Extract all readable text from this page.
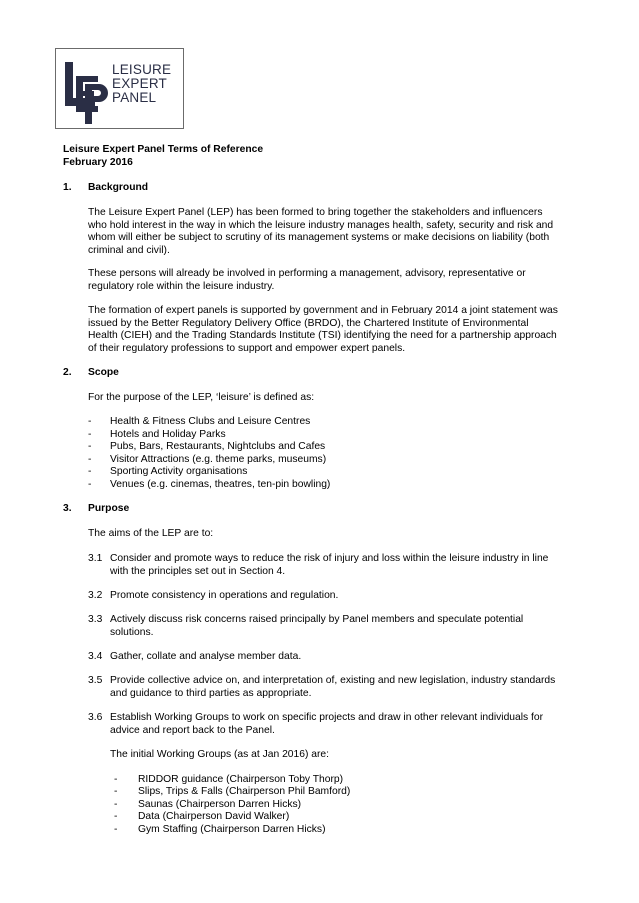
LEISURE
EXPERT
PANEL
Leisure Expert Panel Terms of Reference
February 2016
1. Background
The Leisure Expert Panel (LEP) has been formed to bring together the stakeholders and influencers
who hold interest in the way in which the leisure industry manages health, safety, security and risk and
whom will either be subject to scrutiny of its management systems or make decisions on liability (both
criminal and civil).
These persons will already be involved in performing a management, advisory, representative or
regulatory role within the leisure industry.
The formation of expert panels is supported by government and in February 2014 a joint statement was
issued by the Better Regulatory Delivery Office (BRDO), the Chartered Institute of Environmental
Health (CIEH) and the Trading Standards Institute (TSI) identifying the need for a partnership approach
of their regulatory professions to support and empower expert panels.
2. Scope
For the purpose of the LEP, ‘leisure’ is defined as:
- Health & Fitness Clubs and Leisure Centres
- Hotels and Holiday Parks
- Pubs, Bars, Restaurants, Nightclubs and Cafes
- Visitor Attractions (e.g. theme parks, museums)
- Sporting Activity organisations
- Venues (e.g. cinemas, theatres, ten-pin bowling)
3. Purpose
The aims of the LEP are to:
3.1 Consider and promote ways to reduce the risk of injury and loss within the leisure industry in line
with the principles set out in Section 4.
3.2 Promote consistency in operations and regulation.
3.3 Actively discuss risk concerns raised principally by Panel members and speculate potential
solutions.
3.4 Gather, collate and analyse member data.
3.5 Provide collective advice on, and interpretation of, existing and new legislation, industry standards
and guidance to third parties as appropriate.
3.6 Establish Working Groups to work on specific projects and draw in other relevant individuals for
advice and report back to the Panel.
The initial Working Groups (as at Jan 2016) are:
- RIDDOR guidance (Chairperson Toby Thorp)
- Slips, Trips & Falls (Chairperson Phil Bamford)
- Saunas (Chairperson Darren Hicks)
- Data (Chairperson David Walker)
- Gym Staffing (Chairperson Darren Hicks)
